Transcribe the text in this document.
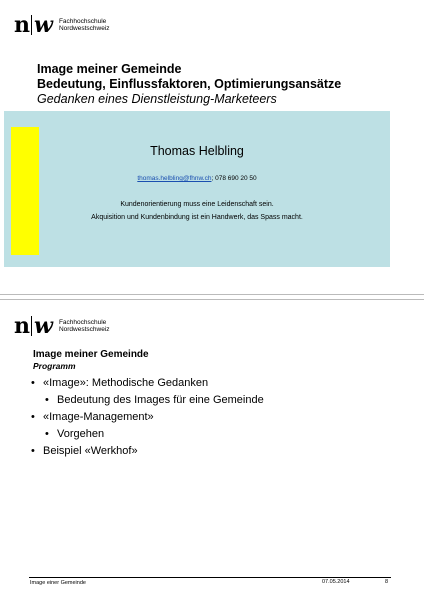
n w Fachhochschule
Nordwestschweiz
Image meiner Gemeinde
Bedeutung, Einflussfaktoren, Optimierungsansätze
Gedanken eines Dienstleistung-Marketeers
Thomas Helbling
thomas.helbling@fhnw.ch; 078 690 20 50
Kundenorientierung muss eine Leidenschaft sein.
Akquisition und Kundenbindung ist ein Handwerk, das Spass macht.
n w Fachhochschule
Nordwestschweiz
Image meiner Gemeinde
Programm
• «Image»: Methodische Gedanken
• Bedeutung des Images für eine Gemeinde
• «Image-Management»
• Vorgehen
• Beispiel «Werkhof»
Image einer Gemeinde	07.05.2014	8
